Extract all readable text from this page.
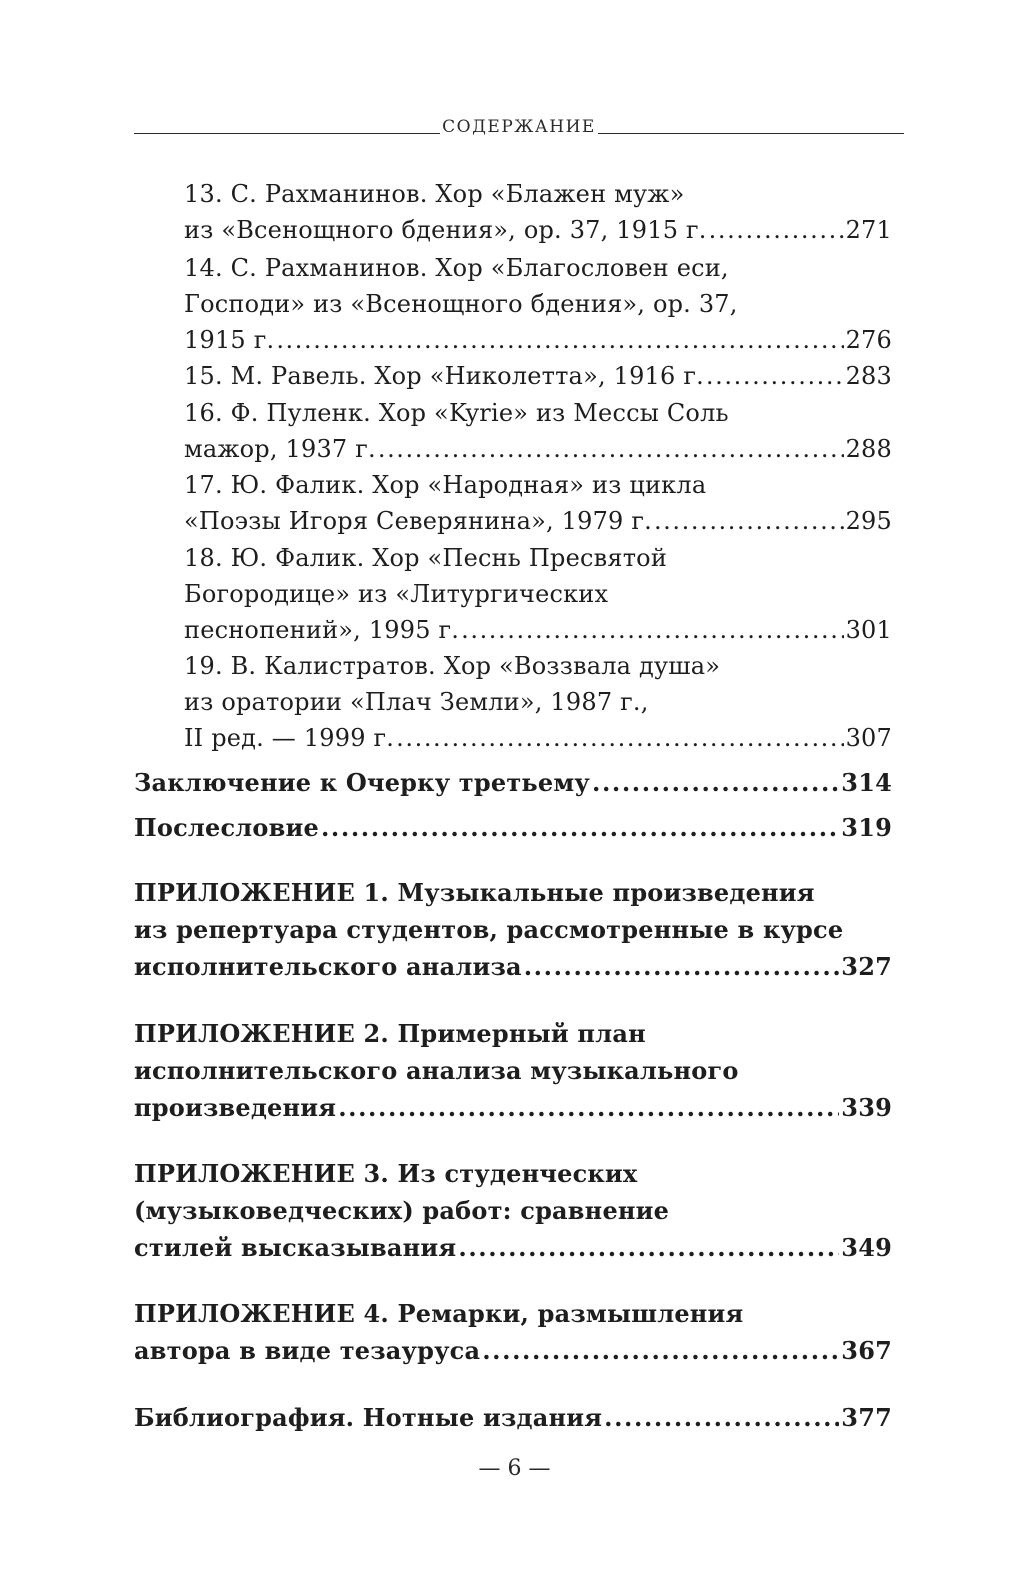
СОДЕРЖАНИЕ
13. С. Рахманинов. Хор «Блажен муж»
из «Всенощного бдения», ор. 37, 1915 г. .....	271
14. С. Рахманинов. Хор «Благословен еси,
Господи» из «Всенощного бдения», ор. 37,
1915 г. .....	276
15. М. Равель. Хор «Николетта», 1916 г. .....	283
16. Ф. Пуленк. Хор «Kyrie» из Мессы Соль
мажор, 1937 г. .....	288
17. Ю. Фалик. Хор «Народная» из цикла
«Поэзы Игоря Северянина», 1979 г. .....	295
18. Ю. Фалик. Хор «Песнь Пресвятой
Богородице» из «Литургических
песнопений», 1995 г. .....	301
19. В. Калистратов. Хор «Воззвала душа»
из оратории «Плач Земли», 1987 г.,
II ред. — 1999 г. .....	307
Заключение к Очерку третьему .....	314
Послесловие .....	319
ПРИЛОЖЕНИЕ 1. Музыкальные произведения
из репертуара студентов, рассмотренные в курсе
исполнительского анализа .....	327
ПРИЛОЖЕНИЕ 2. Примерный план
исполнительского анализа музыкального
произведения .....	339
ПРИЛОЖЕНИЕ 3. Из студенческих
(музыковедческих) работ: сравнение
стилей высказывания .....	349
ПРИЛОЖЕНИЕ 4. Ремарки, размышления
автора в виде тезауруса .....	367
Библиография. Нотные издания .....	377
— 6 —
